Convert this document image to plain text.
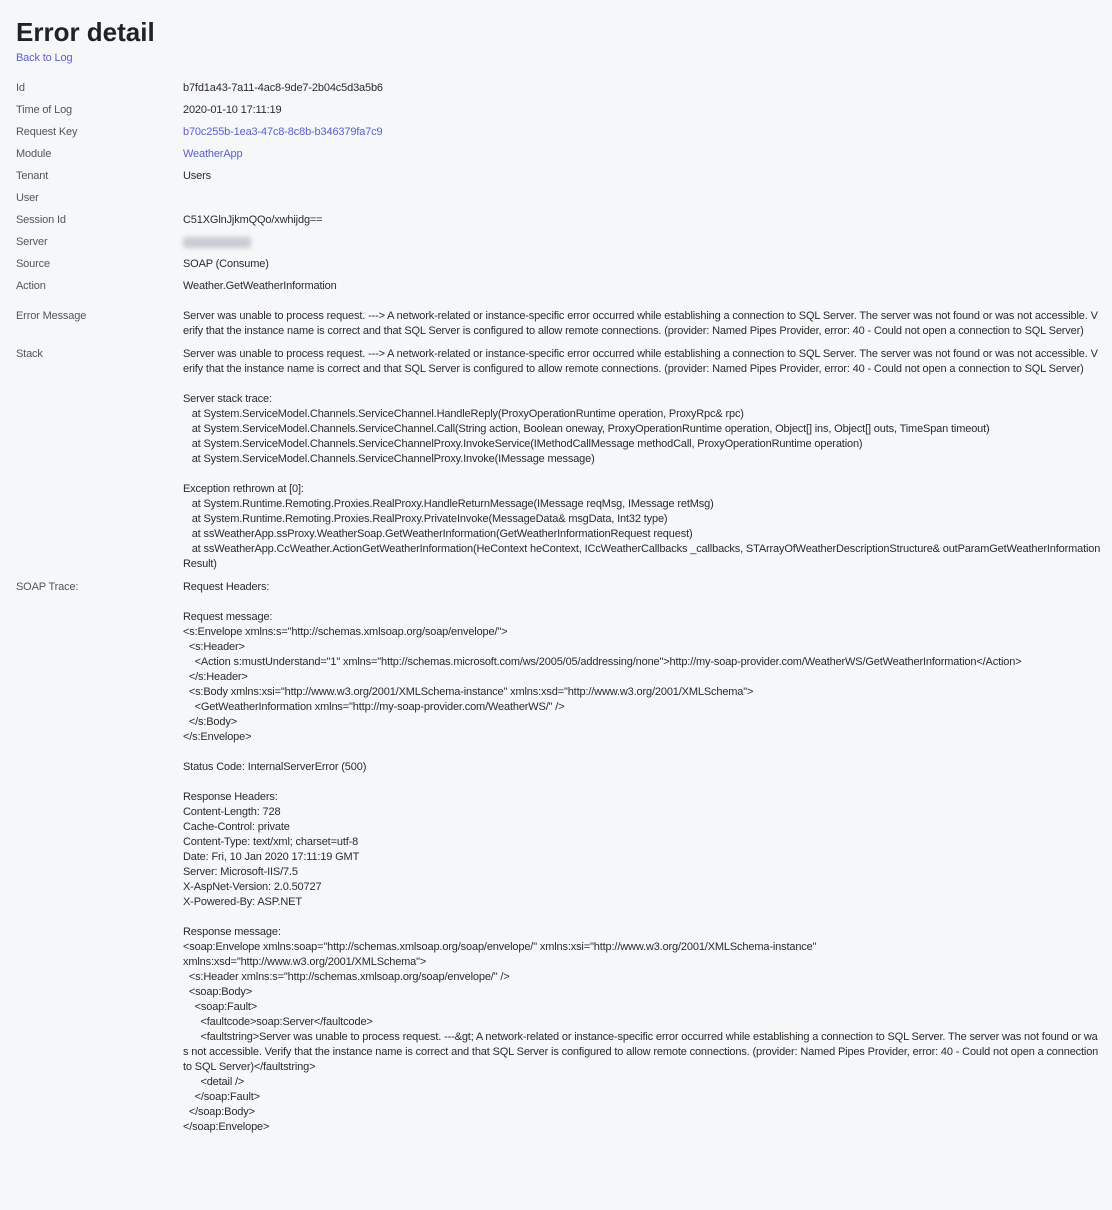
Error detail
Back to Log
Id	b7fd1a43-7a11-4ac8-9de7-2b04c5d3a5b6
Time of Log	2020-01-10 17:11:19
Request Key	b70c255b-1ea3-47c8-8c8b-b346379fa7c9
Module	WeatherApp
Tenant	Users
User
Session Id	C51XGlnJjkmQQo/xwhijdg==
Server
Source	SOAP (Consume)
Action	Weather.GetWeatherInformation
Error Message	Server was unable to process request. ---> A network-related or instance-specific error occurred while establishing a connection to SQL Server. The server was not found or was not accessible. Verify that the instance name is correct and that SQL Server is configured to allow remote connections. (provider: Named Pipes Provider, error: 40 - Could not open a connection to SQL Server)
Stack	Server was unable to process request. ---> A network-related or instance-specific error occurred while establishing a connection to SQL Server. The server was not found or was not accessible. Verify that the instance name is correct and that SQL Server is configured to allow remote connections. (provider: Named Pipes Provider, error: 40 - Could not open a connection to SQL Server)

Server stack trace:
at System.ServiceModel.Channels.ServiceChannel.HandleReply(ProxyOperationRuntime operation, ProxyRpc& rpc)
at System.ServiceModel.Channels.ServiceChannel.Call(String action, Boolean oneway, ProxyOperationRuntime operation, Object[] ins, Object[] outs, TimeSpan timeout)
at System.ServiceModel.Channels.ServiceChannelProxy.InvokeService(IMethodCallMessage methodCall, ProxyOperationRuntime operation)
at System.ServiceModel.Channels.ServiceChannelProxy.Invoke(IMessage message)

Exception rethrown at [0]:
at System.Runtime.Remoting.Proxies.RealProxy.HandleReturnMessage(IMessage reqMsg, IMessage retMsg)
at System.Runtime.Remoting.Proxies.RealProxy.PrivateInvoke(MessageData& msgData, Int32 type)
at ssWeatherApp.ssProxy.WeatherSoap.GetWeatherInformation(GetWeatherInformationRequest request)
at ssWeatherApp.CcWeather.ActionGetWeatherInformation(HeContext heContext, ICcWeatherCallbacks _callbacks, STArrayOfWeatherDescriptionStructure& outParamGetWeatherInformationResult)
SOAP Trace:	Request Headers:

Request message:
<s:Envelope xmlns:s="http://schemas.xmlsoap.org/soap/envelope/">
<s:Header>
<Action s:mustUnderstand="1" xmlns="http://schemas.microsoft.com/ws/2005/05/addressing/none">http://my-soap-provider.com/WeatherWS/GetWeatherInformation</Action>
</s:Header>
<s:Body xmlns:xsi="http://www.w3.org/2001/XMLSchema-instance" xmlns:xsd="http://www.w3.org/2001/XMLSchema">
<GetWeatherInformation xmlns="http://my-soap-provider.com/WeatherWS/" />
</s:Body>
</s:Envelope>

Status Code: InternalServerError (500)

Response Headers:
Content-Length: 728
Cache-Control: private
Content-Type: text/xml; charset=utf-8
Date: Fri, 10 Jan 2020 17:11:19 GMT
Server: Microsoft-IIS/7.5
X-AspNet-Version: 2.0.50727
X-Powered-By: ASP.NET

Response message:
<soap:Envelope xmlns:soap="http://schemas.xmlsoap.org/soap/envelope/" xmlns:xsi="http://www.w3.org/2001/XMLSchema-instance"
xmlns:xsd="http://www.w3.org/2001/XMLSchema">
<s:Header xmlns:s="http://schemas.xmlsoap.org/soap/envelope/" />
<soap:Body>
<soap:Fault>
<faultcode>soap:Server</faultcode>
<faultstring>Server was unable to process request. ---&gt; A network-related or instance-specific error occurred while establishing a connection to SQL Server. The server was not found or was not accessible. Verify that the instance name is correct and that SQL Server is configured to allow remote connections. (provider: Named Pipes Provider, error: 40 - Could not open a connection to SQL Server)</faultstring>
<detail />
</soap:Fault>
</soap:Body>
</soap:Envelope>
